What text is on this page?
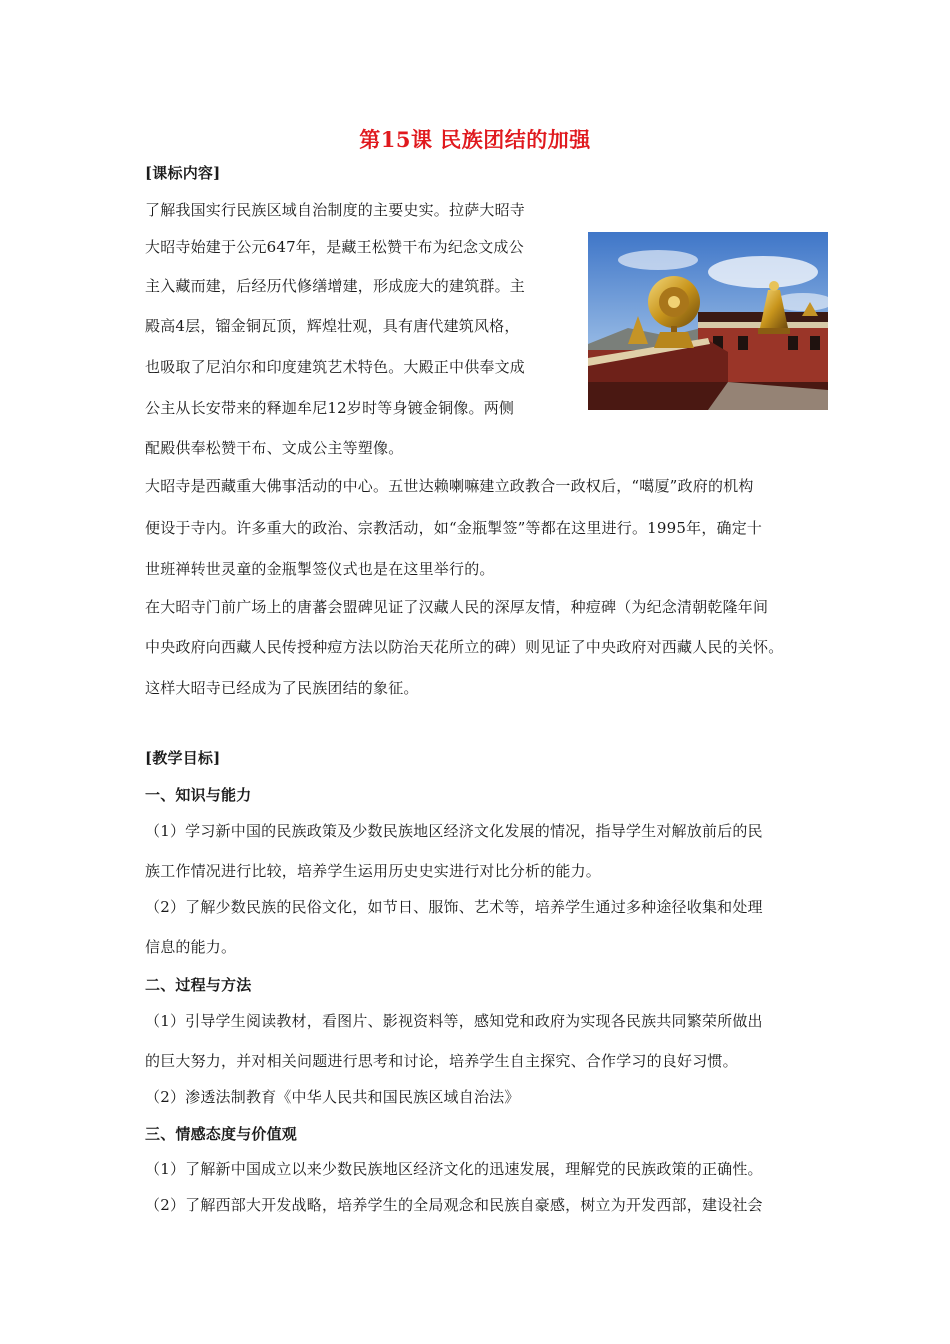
第15课 民族团结的加强
[课标内容]
了解我国实行民族区域自治制度的主要史实。拉萨大昭寺
大昭寺始建于公元647年，是藏王松赞干布为纪念文成公
主入藏而建，后经历代修缮增建，形成庞大的建筑群。主
殿高4层，镏金铜瓦顶，辉煌壮观，具有唐代建筑风格，
也吸取了尼泊尔和印度建筑艺术特色。大殿正中供奉文成
公主从长安带来的释迦牟尼12岁时等身镀金铜像。两侧
配殿供奉松赞干布、文成公主等塑像。
大昭寺是西藏重大佛事活动的中心。五世达赖喇嘛建立政教合一政权后，“噶厦”政府的机构
便设于寺内。许多重大的政治、宗教活动，如“金瓶掣签”等都在这里进行。1995年，确定十
世班禅转世灵童的金瓶掣签仪式也是在这里举行的。
在大昭寺门前广场上的唐蕃会盟碑见证了汉藏人民的深厚友情，种痘碑（为纪念清朝乾隆年间
中央政府向西藏人民传授种痘方法以防治天花所立的碑）则见证了中央政府对西藏人民的关怀。
这样大昭寺已经成为了民族团结的象征。
[教学目标]
一、知识与能力
（1）学习新中国的民族政策及少数民族地区经济文化发展的情况，指导学生对解放前后的民
族工作情况进行比较，培养学生运用历史史实进行对比分析的能力。
（2）了解少数民族的民俗文化，如节日、服饰、艺术等，培养学生通过多种途径收集和处理
信息的能力。
二、过程与方法
（1）引导学生阅读教材，看图片、影视资料等，感知党和政府为实现各民族共同繁荣所做出
的巨大努力，并对相关问题进行思考和讨论，培养学生自主探究、合作学习的良好习惯。
（2）渗透法制教育《中华人民共和国民族区域自治法》
三、情感态度与价值观
（1）了解新中国成立以来少数民族地区经济文化的迅速发展，理解党的民族政策的正确性。
（2）了解西部大开发战略，培养学生的全局观念和民族自豪感，树立为开发西部，建设社会
